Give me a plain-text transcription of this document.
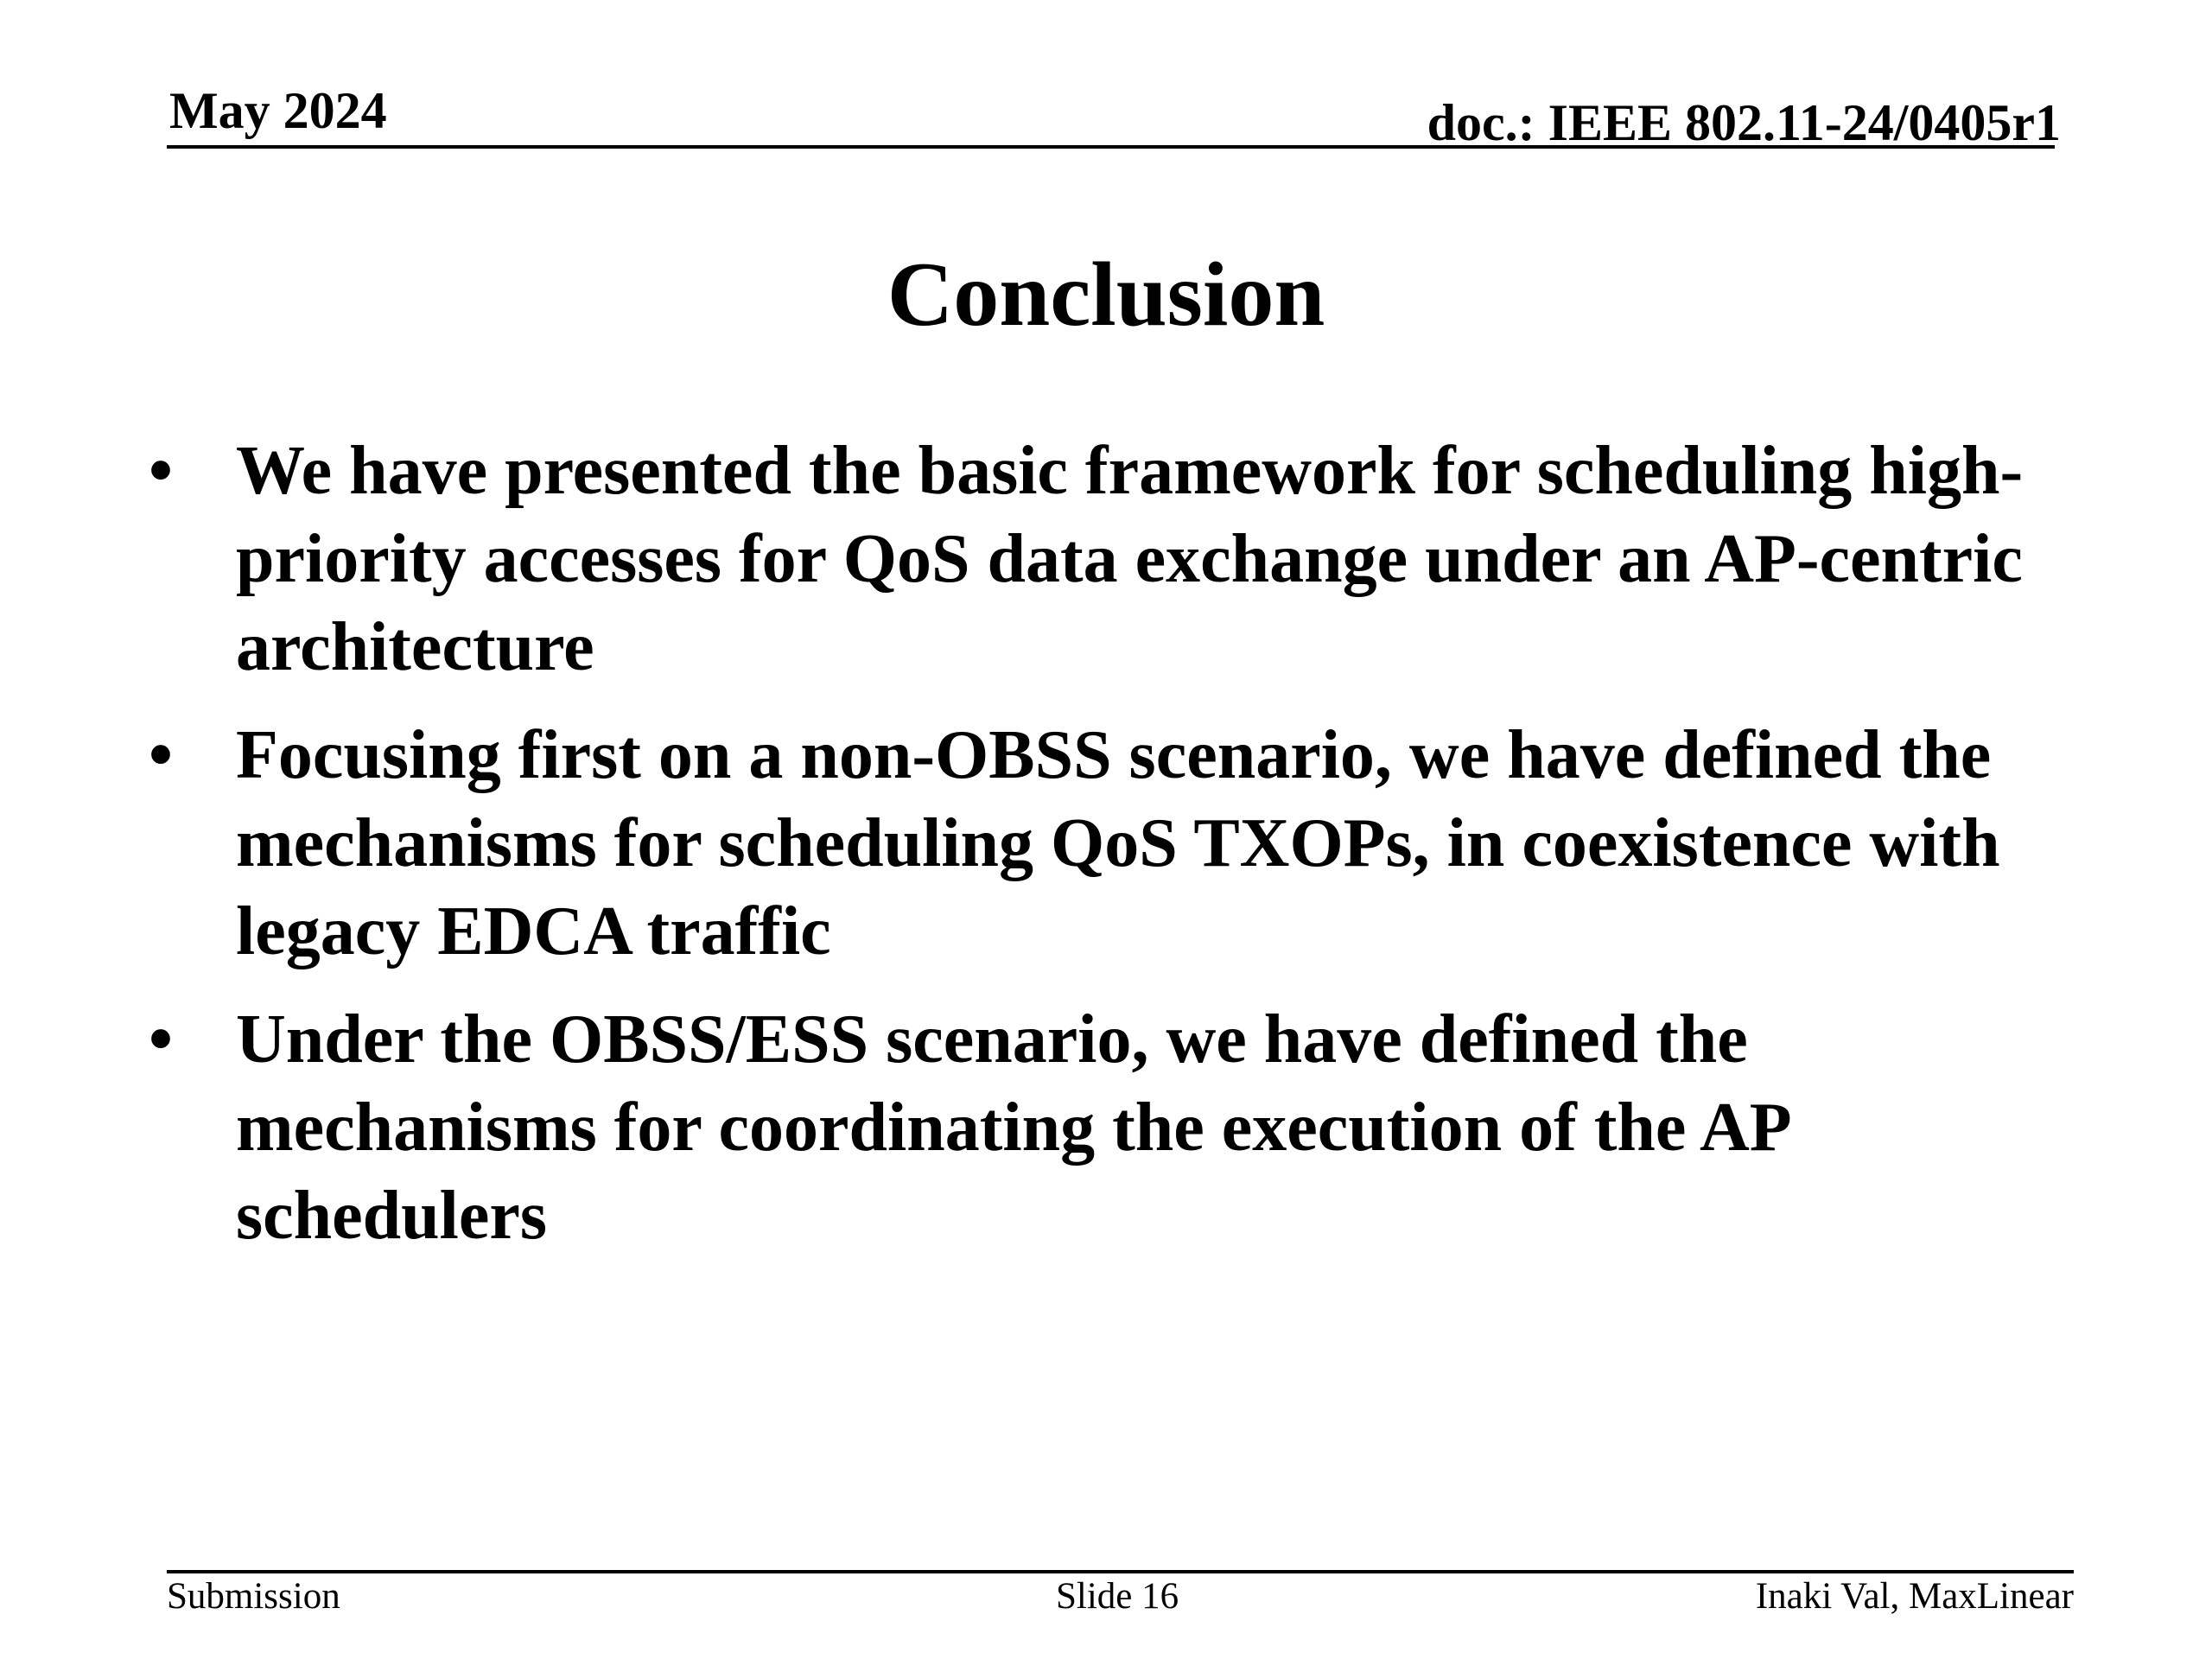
May 2024	doc.: IEEE 802.11-24/0405r1
Conclusion
• We have presented the basic framework for scheduling high-priority accesses for QoS data exchange under an AP-centric architecture
• Focusing first on a non-OBSS scenario, we have defined the mechanisms for scheduling QoS TXOPs, in coexistence with legacy EDCA traffic
• Under the OBSS/ESS scenario, we have defined the mechanisms for coordinating the execution of the AP schedulers
Submission	Slide 16	Inaki Val, MaxLinear
